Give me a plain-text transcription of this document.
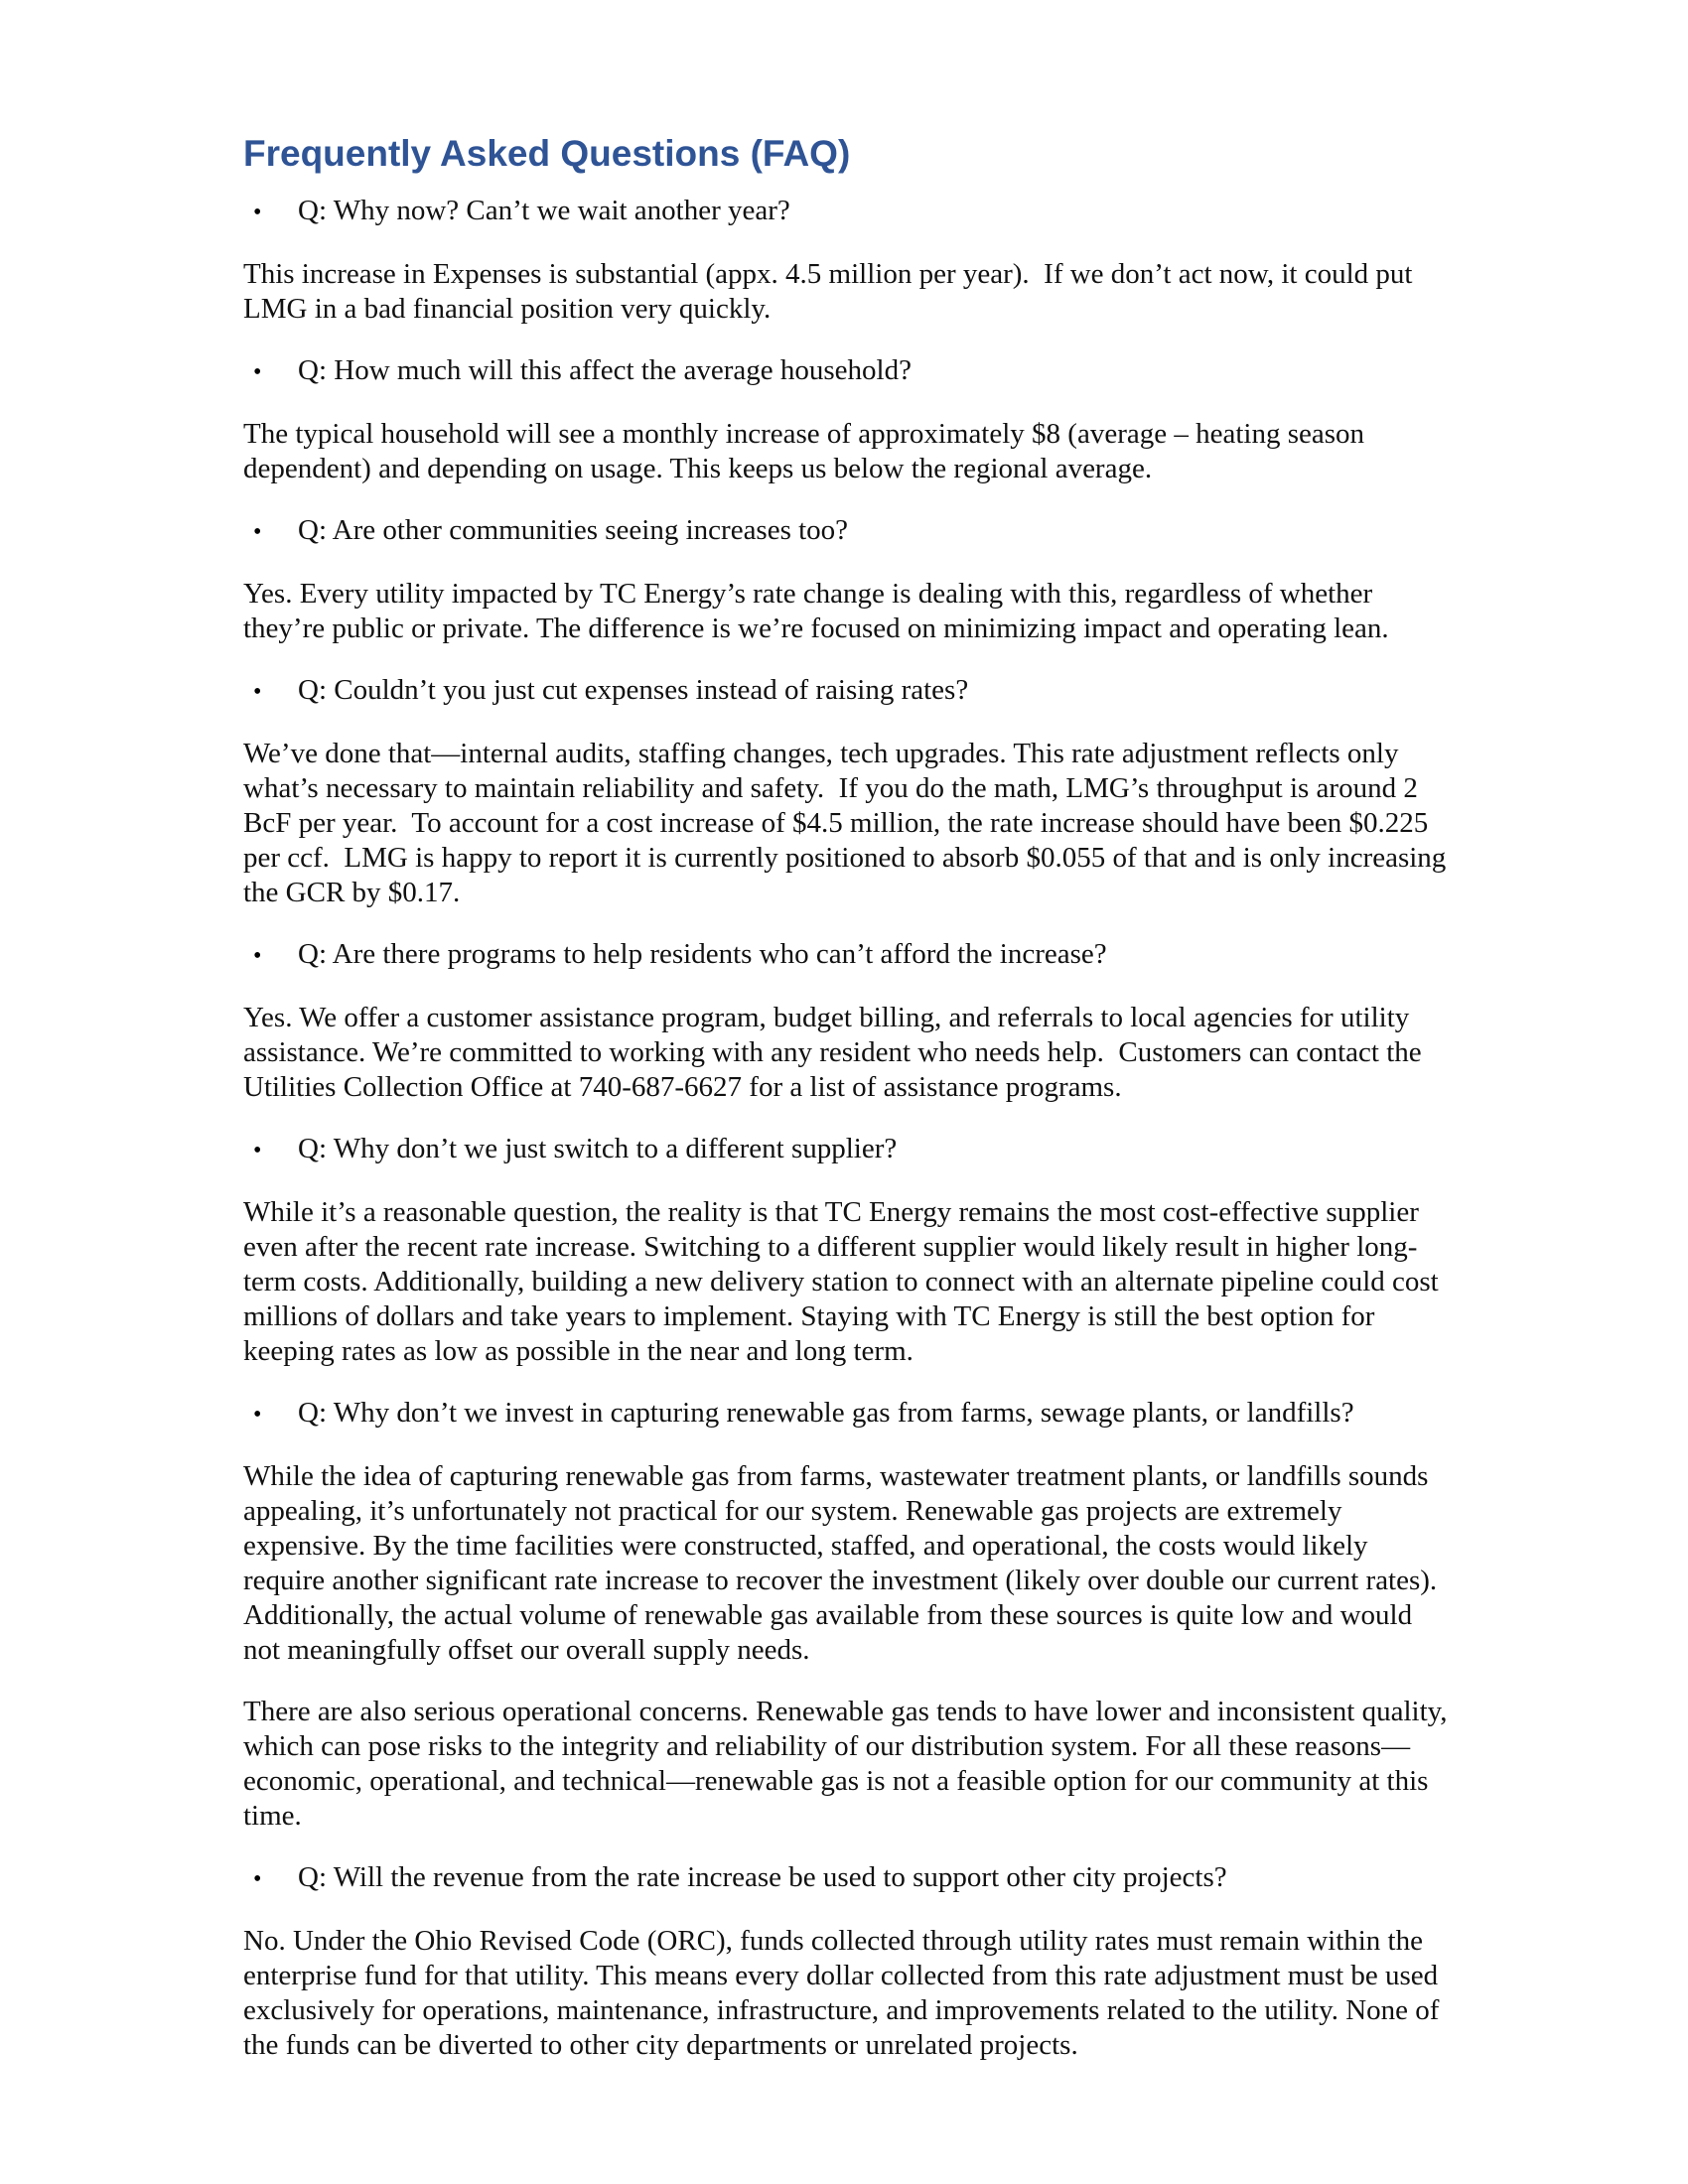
Frequently Asked Questions (FAQ)
•	Q: Why now? Can’t we wait another year?

This increase in Expenses is substantial (appx. 4.5 million per year).  If we don’t act now, it could put LMG in a bad financial position very quickly.

•	Q: How much will this affect the average household?

The typical household will see a monthly increase of approximately $8 (average – heating season dependent) and depending on usage. This keeps us below the regional average.

•	Q: Are other communities seeing increases too?

Yes. Every utility impacted by TC Energy’s rate change is dealing with this, regardless of whether they’re public or private. The difference is we’re focused on minimizing impact and operating lean.

•	Q: Couldn’t you just cut expenses instead of raising rates?

We’ve done that—internal audits, staffing changes, tech upgrades. This rate adjustment reflects only what’s necessary to maintain reliability and safety.  If you do the math, LMG’s throughput is around 2 BcF per year.  To account for a cost increase of $4.5 million, the rate increase should have been $0.225 per ccf.  LMG is happy to report it is currently positioned to absorb $0.055 of that and is only increasing the GCR by $0.17.

•	Q: Are there programs to help residents who can’t afford the increase?

Yes. We offer a customer assistance program, budget billing, and referrals to local agencies for utility assistance. We’re committed to working with any resident who needs help.  Customers can contact the Utilities Collection Office at 740-687-6627 for a list of assistance programs.

•	Q: Why don’t we just switch to a different supplier?

While it’s a reasonable question, the reality is that TC Energy remains the most cost-effective supplier even after the recent rate increase. Switching to a different supplier would likely result in higher long-term costs. Additionally, building a new delivery station to connect with an alternate pipeline could cost millions of dollars and take years to implement. Staying with TC Energy is still the best option for keeping rates as low as possible in the near and long term.

•	Q: Why don’t we invest in capturing renewable gas from farms, sewage plants, or landfills?

While the idea of capturing renewable gas from farms, wastewater treatment plants, or landfills sounds appealing, it’s unfortunately not practical for our system. Renewable gas projects are extremely expensive. By the time facilities were constructed, staffed, and operational, the costs would likely require another significant rate increase to recover the investment (likely over double our current rates). Additionally, the actual volume of renewable gas available from these sources is quite low and would not meaningfully offset our overall supply needs.

There are also serious operational concerns. Renewable gas tends to have lower and inconsistent quality, which can pose risks to the integrity and reliability of our distribution system. For all these reasons—economic, operational, and technical—renewable gas is not a feasible option for our community at this time.

•	Q: Will the revenue from the rate increase be used to support other city projects?

No. Under the Ohio Revised Code (ORC), funds collected through utility rates must remain within the enterprise fund for that utility. This means every dollar collected from this rate adjustment must be used exclusively for operations, maintenance, infrastructure, and improvements related to the utility. None of the funds can be diverted to other city departments or unrelated projects.
